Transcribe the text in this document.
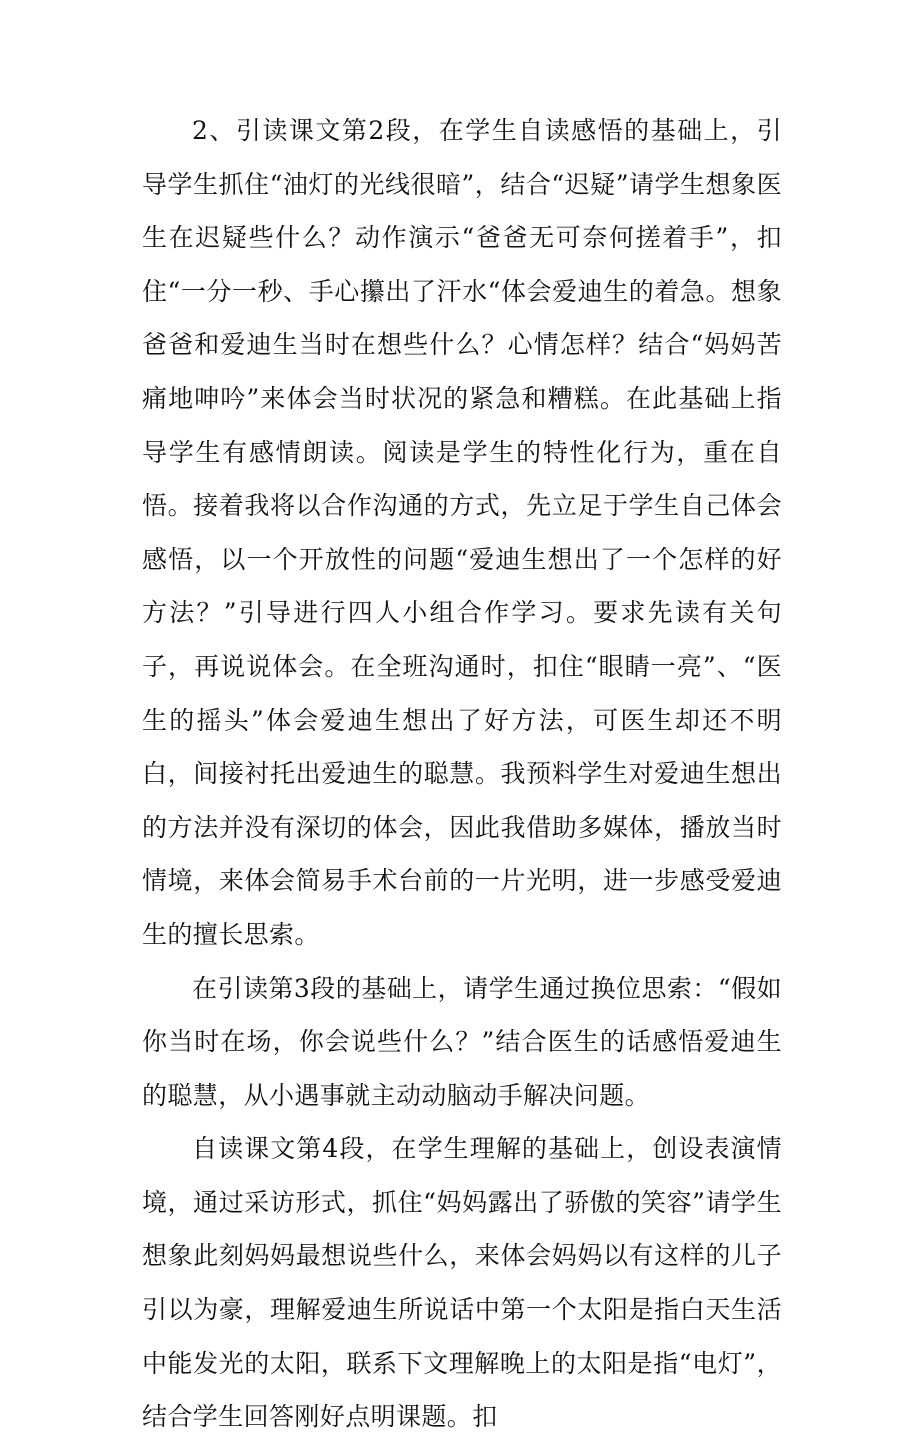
2、引读课文第2段，在学生自读感悟的基础上，引导学生抓住“油灯的光线很暗”，结合“迟疑”请学生想象医生在迟疑些什么？动作演示“爸爸无可奈何搓着手”，扣住“一分一秒、手心攥出了汗水“体会爱迪生的着急。想象爸爸和爱迪生当时在想些什么？心情怎样？结合“妈妈苦痛地呻吟”来体会当时状况的紧急和糟糕。在此基础上指导学生有感情朗读。阅读是学生的特性化行为，重在自悟。接着我将以合作沟通的方式，先立足于学生自己体会感悟，以一个开放性的问题“爱迪生想出了一个怎样的好方法？”引导进行四人小组合作学习。要求先读有关句子，再说说体会。在全班沟通时，扣住“眼睛一亮”、“医生的摇头”体会爱迪生想出了好方法，可医生却还不明白，间接衬托出爱迪生的聪慧。我预料学生对爱迪生想出的方法并没有深切的体会，因此我借助多媒体，播放当时情境，来体会简易手术台前的一片光明，进一步感受爱迪生的擅长思索。

在引读第3段的基础上，请学生通过换位思索：“假如你当时在场，你会说些什么？”结合医生的话感悟爱迪生的聪慧，从小遇事就主动动脑动手解决问题。

自读课文第4段，在学生理解的基础上，创设表演情境，通过采访形式，抓住“妈妈露出了骄傲的笑容”请学生想象此刻妈妈最想说些什么，来体会妈妈以有这样的儿子引以为豪，理解爱迪生所说话中第一个太阳是指白天生活中能发光的太阳，联系下文理解晚上的太阳是指“电灯”，结合学生回答刚好点明课题。扣
